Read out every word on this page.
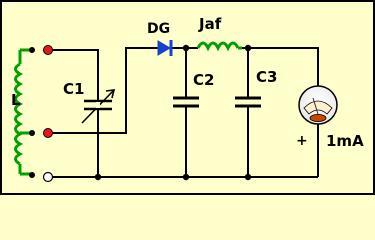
L
C1
DG Jaf
C2	C3
+ 1mA
